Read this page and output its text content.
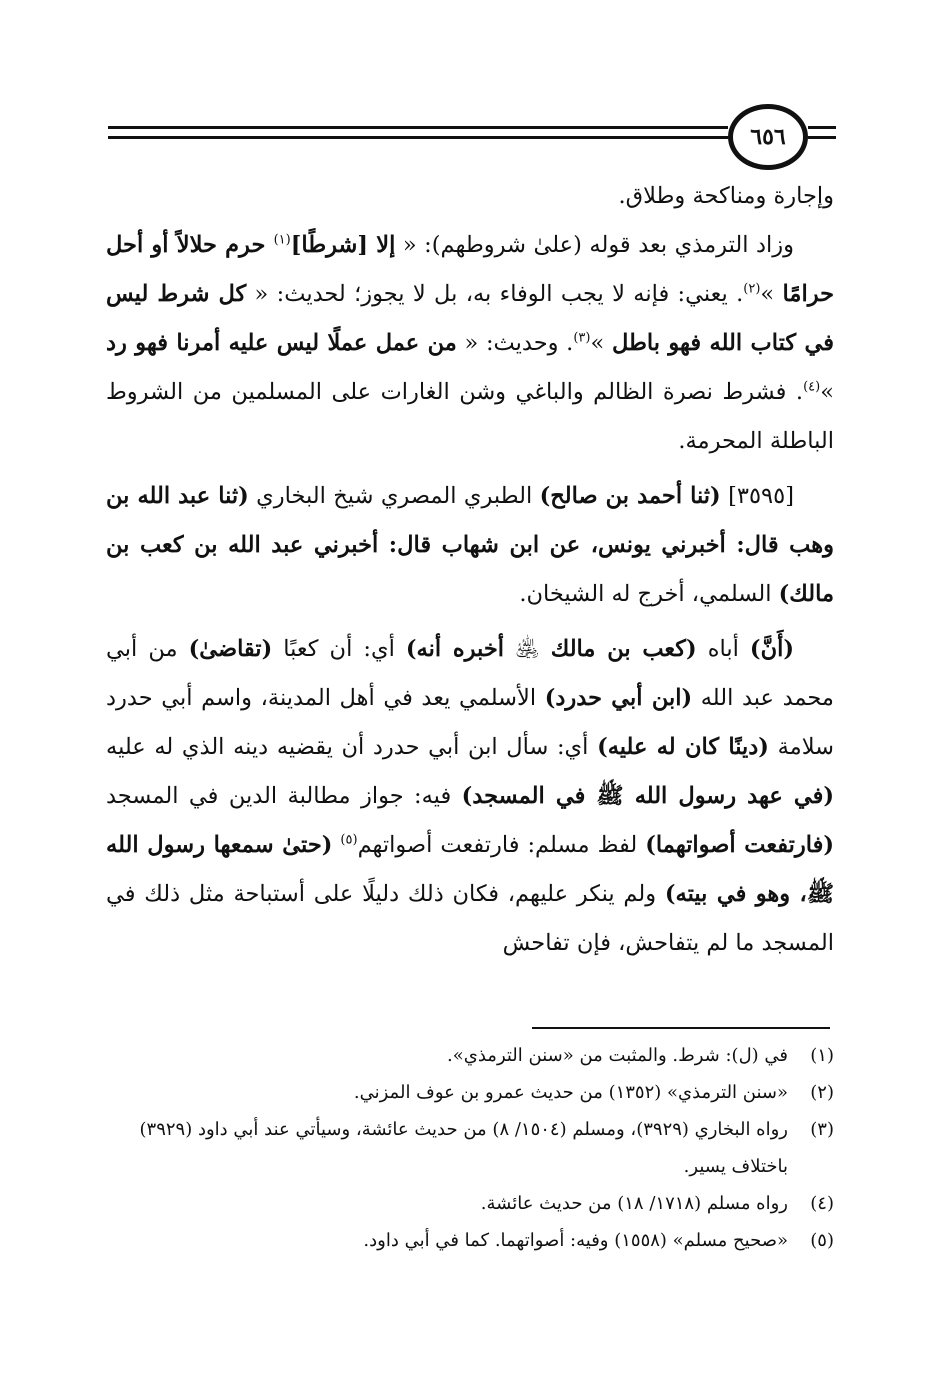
٦٥٦

وإجارة ومناكحة وطلاق.

وزاد الترمذي بعد قوله (علىٰ شروطهم): « إلا [شرطًا]$^{(١)}$ حرم حلالاً أو أحل حرامًا »$^{(٢)}$. يعني: فإنه لا يجب الوفاء به، بل لا يجوز؛ لحديث: « كل شرط ليس في كتاب الله فهو باطل »$^{(٣)}$. وحديث: « من عمل عملًا ليس عليه أمرنا فهو رد »$^{(٤)}$. فشرط نصرة الظالم والباغي وشن الغارات على المسلمين من الشروط الباطلة المحرمة.

[٣٥٩٥] (ثنا أحمد بن صالح) الطبري المصري شيخ البخاري (ثنا عبد الله بن وهب قال: أخبرني يونس، عن ابن شهاب قال: أخبرني عبد الله بن كعب بن مالك) السلمي، أخرج له الشيخان.

(أَنَّ) أباه (كعب بن مالك ﵁ أخبره أنه) أي: أن كعبًا (تقاضىٰ) من أبي محمد عبد الله (ابن أبي حدرد) الأسلمي يعد في أهل المدينة، واسم أبي حدرد سلامة (دينًا كان له عليه) أي: سأل ابن أبي حدرد أن يقضيه دينه الذي له عليه (في عهد رسول الله ﷺ في المسجد) فيه: جواز مطالبة الدين في المسجد (فارتفعت أصواتهما) لفظ مسلم: فارتفعت أصواتهم$^{(٥)}$ (حتىٰ سمعها رسول الله ﷺ، وهو في بيته) ولم ينكر عليهم، فكان ذلك دليلًا على أستباحة مثل ذلك في المسجد ما لم يتفاحش، فإن تفاحش

(١)
في (ل): شرط. والمثبت من «سنن الترمذي».
(٢)
«سنن الترمذي» (١٣٥٢) من حديث عمرو بن عوف المزني.
(٣)
رواه البخاري (٣٩٢٩)، ومسلم (١٥٠٤/ ٨) من حديث عائشة، وسيأتي عند أبي داود (٣٩٢٩) باختلاف يسير.
(٤)
رواه مسلم (١٧١٨/ ١٨) من حديث عائشة.
(٥)
«صحيح مسلم» (١٥٥٨) وفيه: أصواتهما. كما في أبي داود.
